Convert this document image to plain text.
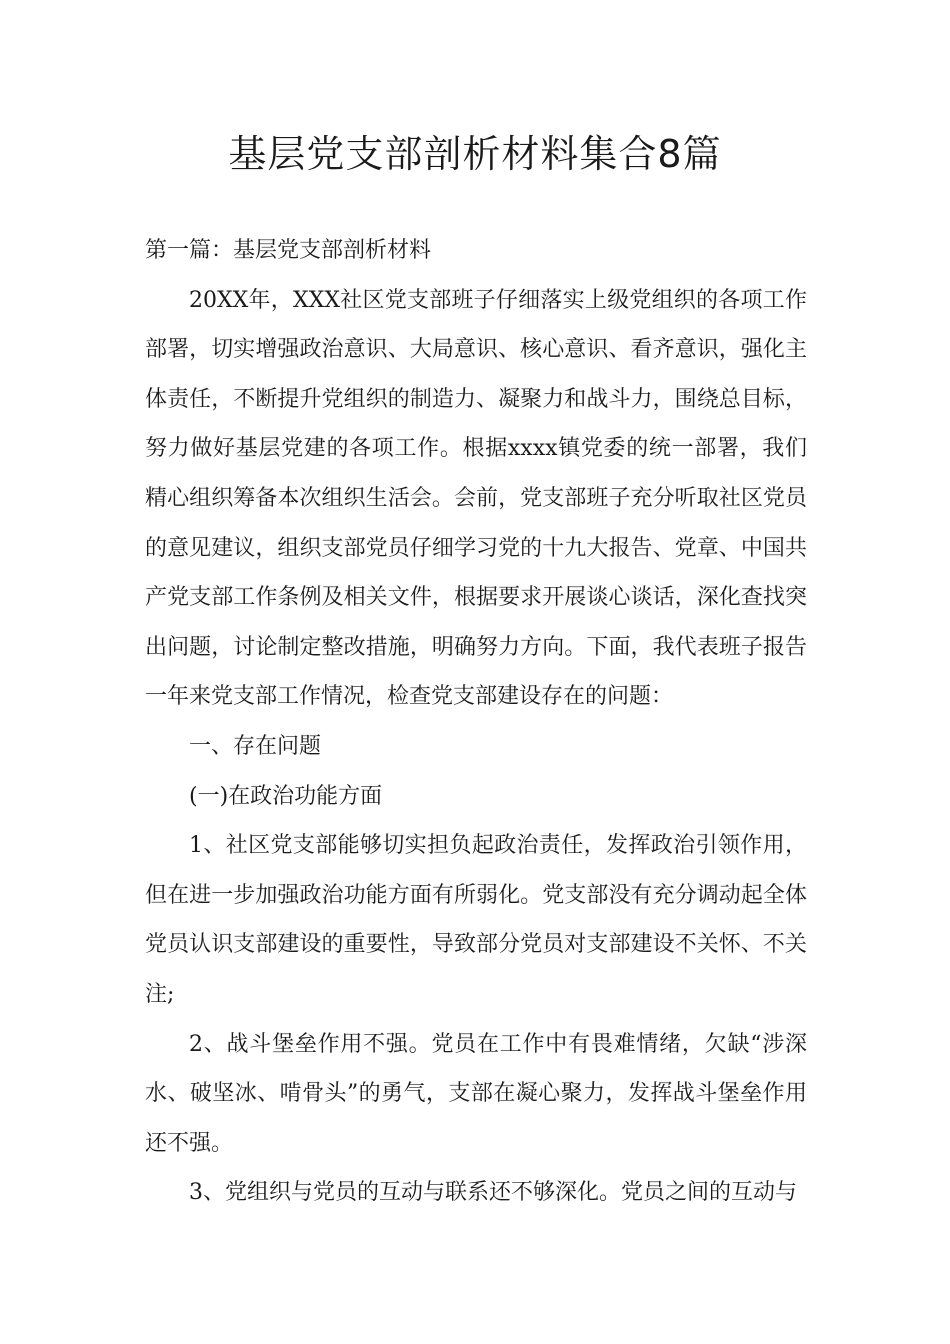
基层党支部剖析材料集合8篇

第一篇：基层党支部剖析材料

20XX年，XXX社区党支部班子仔细落实上级党组织的各项工作部署，切实增强政治意识、大局意识、核心意识、看齐意识，强化主体责任，不断提升党组织的制造力、凝聚力和战斗力，围绕总目标，努力做好基层党建的各项工作。根据xxxx镇党委的统一部署，我们精心组织筹备本次组织生活会。会前，党支部班子充分听取社区党员的意见建议，组织支部党员仔细学习党的十九大报告、党章、中国共产党支部工作条例及相关文件，根据要求开展谈心谈话，深化查找突出问题，讨论制定整改措施，明确努力方向。下面，我代表班子报告一年来党支部工作情况，检查党支部建设存在的问题：

一、存在问题

(一)在政治功能方面

1、社区党支部能够切实担负起政治责任，发挥政治引领作用，但在进一步加强政治功能方面有所弱化。党支部没有充分调动起全体党员认识支部建设的重要性，导致部分党员对支部建设不关怀、不关注;

2、战斗堡垒作用不强。党员在工作中有畏难情绪，欠缺“涉深水、破坚冰、啃骨头”的勇气，支部在凝心聚力，发挥战斗堡垒作用还不强。

3、党组织与党员的互动与联系还不够深化。党员之间的互动与
